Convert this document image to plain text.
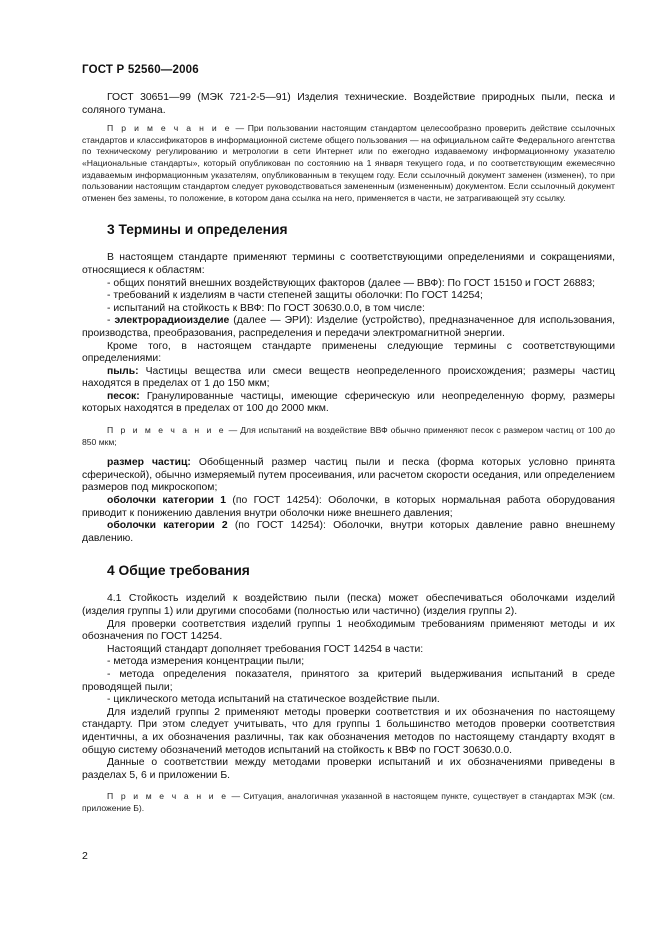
ГОСТ Р 52560—2006

ГОСТ 30651—99 (МЭК 721-2-5—91) Изделия технические. Воздействие природных пыли, песка и соляного тумана.

П р и м е ч а н и е — При пользовании настоящим стандартом целесообразно проверить действие ссылочных стандартов и классификаторов в информационной системе общего пользования — на официальном сайте Федерального агентства по техническому регулированию и метрологии в сети Интернет или по ежегодно издаваемому информационному указателю «Национальные стандарты», который опубликован по состоянию на 1 января текущего года, и по соответствующим ежемесячно издаваемым информационным указателям, опубликованным в текущем году. Если ссылочный документ заменен (изменен), то при пользовании настоящим стандартом следует руководствоваться замененным (измененным) документом. Если ссылочный документ отменен без замены, то положение, в котором дана ссылка на него, применяется в части, не затрагивающей эту ссылку.

3 Термины и определения

В настоящем стандарте применяют термины с соответствующими определениями и сокращениями, относящиеся к областям:

- общих понятий внешних воздействующих факторов (далее — ВВФ): По ГОСТ 15150 и ГОСТ 26883;

- требований к изделиям в части степеней защиты оболочки: По ГОСТ 14254;

- испытаний на стойкость к ВВФ: По ГОСТ 30630.0.0, в том числе:

- электрорадиоизделие (далее — ЭРИ): Изделие (устройство), предназначенное для использования, производства, преобразования, распределения и передачи электромагнитной энергии.

Кроме того, в настоящем стандарте применены следующие термины с соответствующими определениями:

пыль: Частицы вещества или смеси веществ неопределенного происхождения; размеры частиц находятся в пределах от 1 до 150 мкм;

песок: Гранулированные частицы, имеющие сферическую или неопределенную форму, размеры которых находятся в пределах от 100 до 2000 мкм.

П р и м е ч а н и е — Для испытаний на воздействие ВВФ обычно применяют песок с размером частиц от 100 до 850 мкм;

размер частиц: Обобщенный размер частиц пыли и песка (форма которых условно принята сферической), обычно измеряемый путем просеивания, или расчетом скорости оседания, или определением размеров под микроскопом;

оболочки категории 1 (по ГОСТ 14254): Оболочки, в которых нормальная работа оборудования приводит к понижению давления внутри оболочки ниже внешнего давления;

оболочки категории 2 (по ГОСТ 14254): Оболочки, внутри которых давление равно внешнему давлению.

4 Общие требования

4.1 Стойкость изделий к воздействию пыли (песка) может обеспечиваться оболочками изделий (изделия группы 1) или другими способами (полностью или частично) (изделия группы 2).

Для проверки соответствия изделий группы 1 необходимым требованиям применяют методы и их обозначения по ГОСТ 14254.

Настоящий стандарт дополняет требования ГОСТ 14254 в части:

- метода измерения концентрации пыли;

- метода определения показателя, принятого за критерий выдерживания испытаний в среде проводящей пыли;

- циклического метода испытаний на статическое воздействие пыли.

Для изделий группы 2 применяют методы проверки соответствия и их обозначения по настоящему стандарту. При этом следует учитывать, что для группы 1 большинство методов проверки соответствия идентичны, а их обозначения различны, так как обозначения методов по настоящему стандарту входят в общую систему обозначений методов испытаний на стойкость к ВВФ по ГОСТ 30630.0.0.

Данные о соответствии между методами проверки испытаний и их обозначениями приведены в разделах 5, 6 и приложении Б.

П р и м е ч а н и е — Ситуация, аналогичная указанной в настоящем пункте, существует в стандартах МЭК (см. приложение Б).

2
